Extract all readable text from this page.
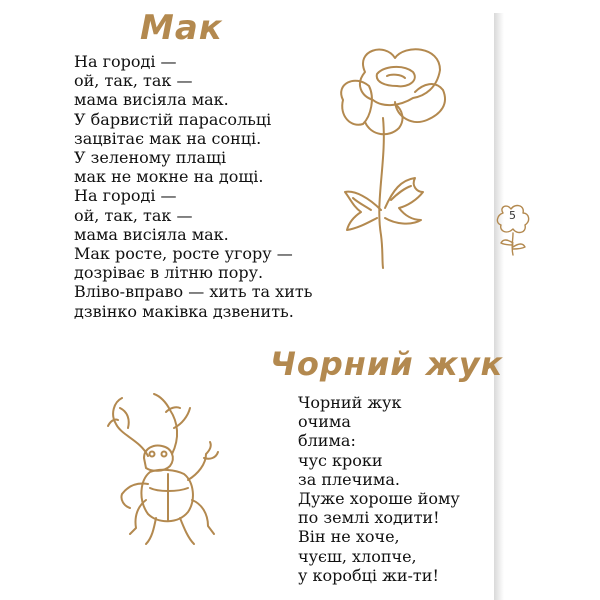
Мак
На городі —
ой, так, так —
мама висіяла мак.
У барвистій парасольці
зацвітає мак на сонці.
У зеленому плащі
мак не мокне на дощі.
На городі —
ой, так, так —
мама висіяла мак.
Мак росте, росте угору —
дозріває в літню пору.
Вліво-вправо — хить та хить
дзвінко маківка дзвенить.
Чорний жук
Чорний жук
очима
блима:
чус кроки
за плечима.
Дуже хороше йому
по землі ходити!
Він не хоче,
чуєш, хлопче,
у коробці жи-ти!
5
